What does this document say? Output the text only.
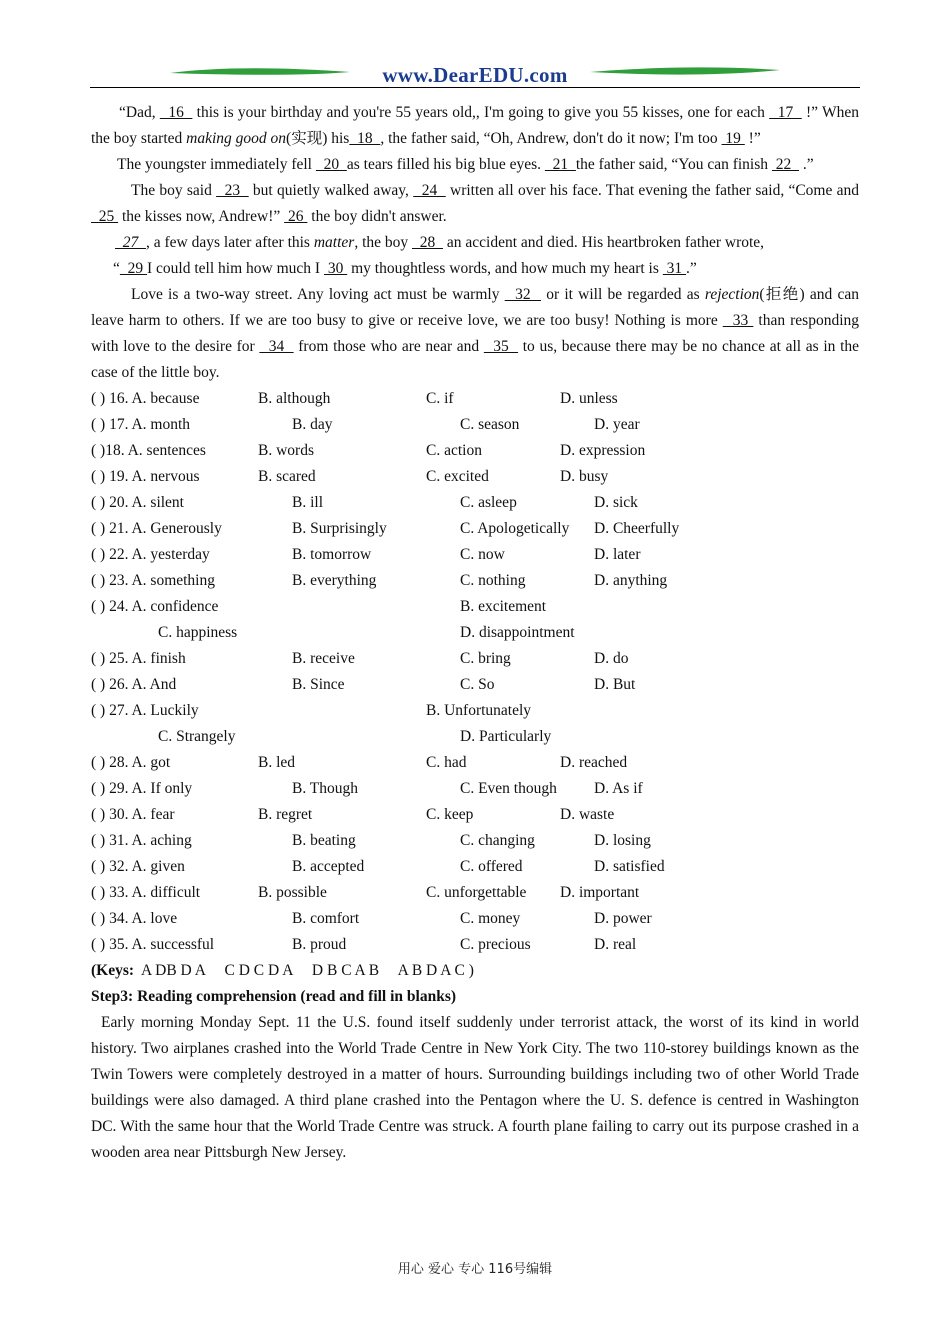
www.DearEDU.com

“Dad,   16   this is your birthday and you're 55 years old,, I'm going to give you 55 kisses, one for each   17   !” When the boy started making good on(实现) his  18  , the father said, “Oh, Andrew, don't do it now; I'm too  19  !”

The youngster immediately fell   20  as tears filled his big blue eyes.   21  the father said, “You can finish  22   .”

The boy said   23   but quietly walked away,   24   written all over his face. That evening the father said, “Come and   25  the kisses now, Andrew!”  26  the boy didn't answer.

27  , a few days later after this matter, the boy   28   an accident and died. His heartbroken father wrote,

“  29 I could tell him how much I  30  my thoughtless words, and how much my heart is  31 .”

Love is a two-way street. Any loving act must be warmly   32   or it will be regarded as rejection(拒绝) and can leave harm to others. If we are too busy to give or receive love, we are too busy! Nothing is more   33  than responding with love to the desire for   34   from those who are near and   35   to us, because there may be no chance at all as in the case of the little boy.

( ) 16. A. because	B. although	C. if	D. unless
( ) 17. A. month	B. day	C. season	D. year
( )18. A. sentences	B. words	C. action	D. expression
( ) 19. A. nervous	B. scared	C. excited	D. busy
( ) 20. A. silent	B. ill	C. asleep	D. sick
( ) 21. A. Generously	B. Surprisingly	C. Apologetically D. Cheerfully
( ) 22. A. yesterday	B. tomorrow	C. now	D. later
( ) 23. A. something	B. everything	C. nothing	D. anything
( ) 24. A. confidence	B. excitement
C. happiness	D. disappointment
( ) 25. A. finish	B. receive	C. bring	D. do
( ) 26. A. And	B. Since	C. So	D. But
( ) 27. A. Luckily	B. Unfortunately
C. Strangely	D. Particularly
( ) 28. A. got	B. led	C. had	D. reached
( ) 29. A. If only	B. Though	C. Even though D. As if
( ) 30. A. fear	B. regret	C. keep	D. waste
( ) 31. A. aching	B. beating	C. changing	D. losing
( ) 32. A. given	B. accepted	C. offered	D. satisfied
( ) 33. A. difficult	B. possible	C. unforgettable D. important
( ) 34. A. love	B. comfort	C. money	D. power
( ) 35. A. successful	B. proud	C. precious	D. real
(Keys: A DB D A     C D C D A     D B C A B     A B D A C )

Step3: Reading comprehension (read and fill in blanks)

Early morning Monday Sept. 11 the U.S. found itself suddenly under terrorist attack, the worst of its kind in world history. Two airplanes crashed into the World Trade Centre in New York City. The two 110-storey buildings known as the Twin Towers were completely destroyed in a matter of hours. Surrounding buildings including two of other World Trade buildings were also damaged. A third plane crashed into the Pentagon where the U. S. defence is centred in Washington DC. With the same hour that the World Trade Centre was struck. A fourth plane failing to carry out its purpose crashed in a wooden area near Pittsburgh New Jersey.

用心 爱心 专心 116号编辑
